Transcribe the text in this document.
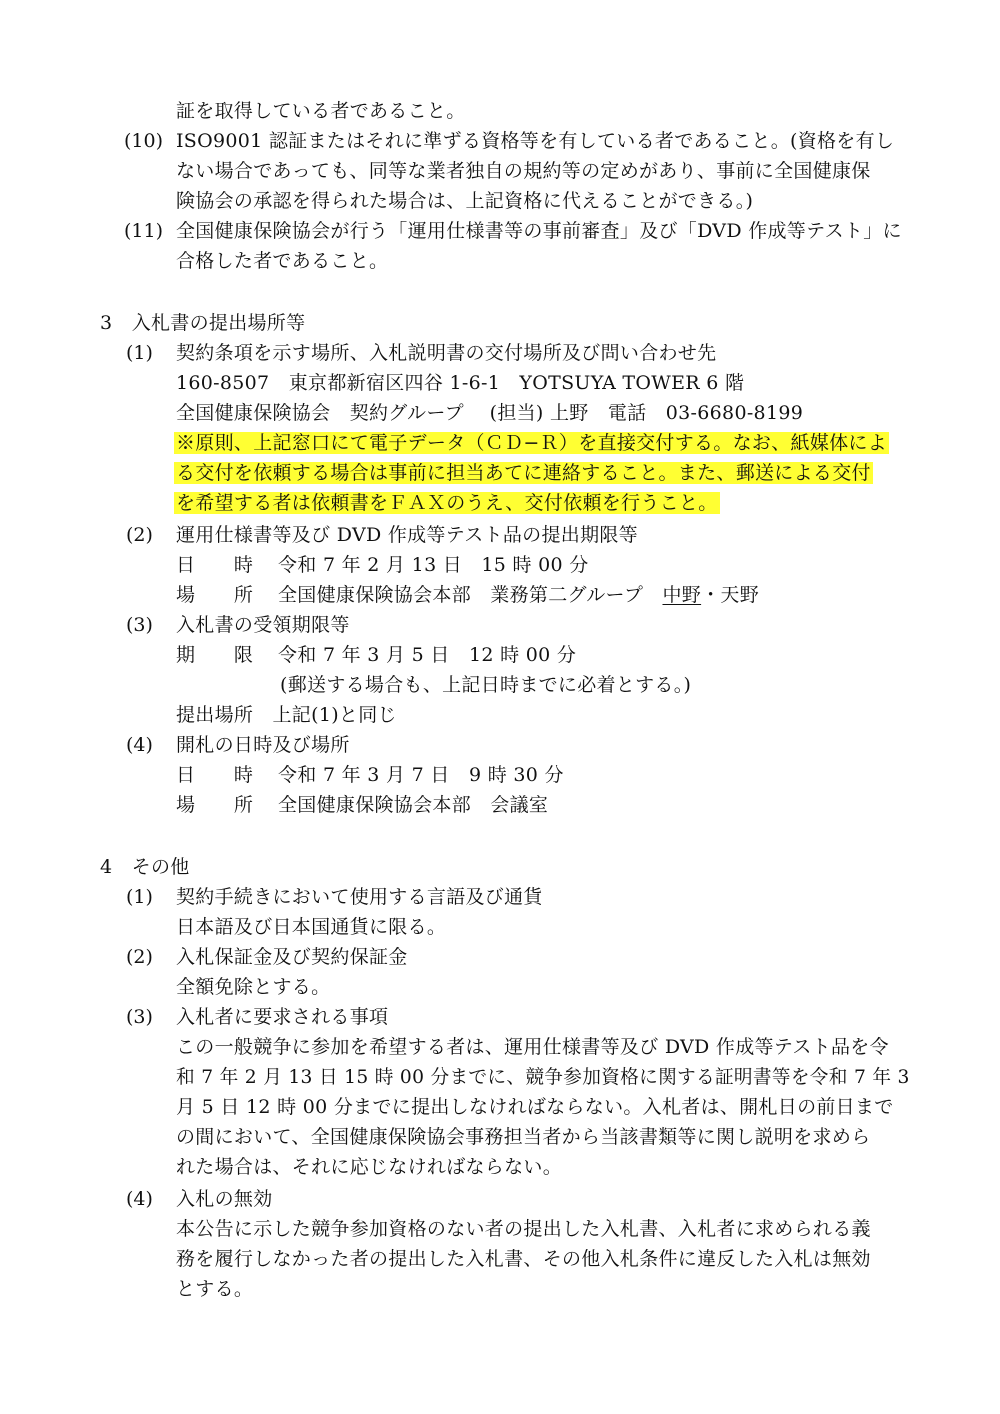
証を取得している者であること。
(10) ISO9001 認証またはそれに準ずる資格等を有している者であること。(資格を有し
ない場合であっても、同等な業者独自の規約等の定めがあり、事前に全国健康保
険協会の承認を得られた場合は、上記資格に代えることができる。)
(11) 全国健康保険協会が行う「運用仕様書等の事前審査」及び「DVD 作成等テスト」に
合格した者であること。
3　入札書の提出場所等
(1) 契約条項を示す場所、入札説明書の交付場所及び問い合わせ先
160-8507　東京都新宿区四谷 1-6-1　YOTSUYA TOWER 6 階
全国健康保険協会　契約グループ　 (担当) 上野　電話　03-6680-8199
※原則、上記窓口にて電子データ（ＣＤ−Ｒ）を直接交付する。なお、紙媒体によ
る交付を依頼する場合は事前に担当あてに連絡すること。また、郵送による交付
を希望する者は依頼書をＦＡＸのうえ、交付依頼を行うこと。
(2) 運用仕様書等及び DVD 作成等テスト品の提出期限等
日　　時 令和 7 年 2 月 13 日　15 時 00 分
場　　所 全国健康保険協会本部　業務第二グループ　中野・天野
(3) 入札書の受領期限等
期　　限 令和 7 年 3 月 5 日　12 時 00 分
(郵送する場合も、上記日時までに必着とする。)
提出場所　上記(1)と同じ
(4) 開札の日時及び場所
日　　時 令和 7 年 3 月 7 日　9 時 30 分
場　　所 全国健康保険協会本部　会議室
4　その他
(1) 契約手続きにおいて使用する言語及び通貨
日本語及び日本国通貨に限る。
(2) 入札保証金及び契約保証金
全額免除とする。
(3) 入札者に要求される事項
この一般競争に参加を希望する者は、運用仕様書等及び DVD 作成等テスト品を令
和 7 年 2 月 13 日 15 時 00 分までに、競争参加資格に関する証明書等を令和 7 年 3
月 5 日 12 時 00 分までに提出しなければならない。入札者は、開札日の前日まで
の間において、全国健康保険協会事務担当者から当該書類等に関し説明を求めら
れた場合は、それに応じなければならない。
(4) 入札の無効
本公告に示した競争参加資格のない者の提出した入札書、入札者に求められる義
務を履行しなかった者の提出した入札書、その他入札条件に違反した入札は無効
とする。
